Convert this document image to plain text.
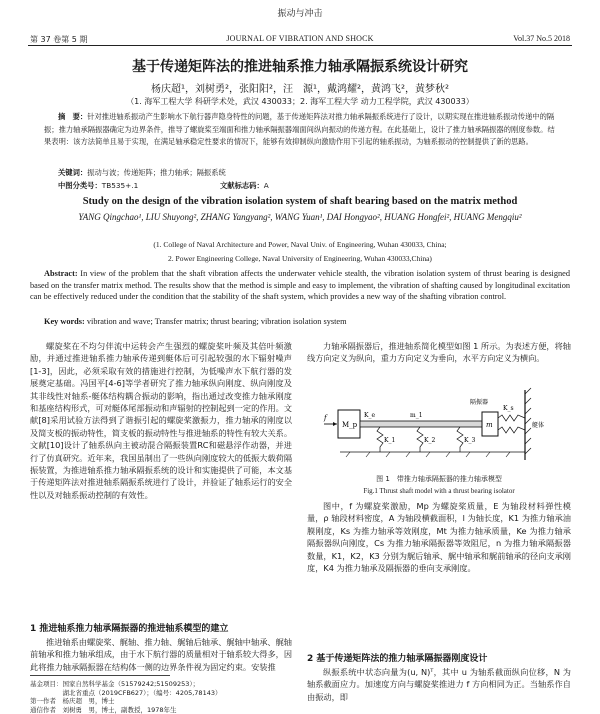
振动与冲击
第 37 卷第 5 期	JOURNAL OF VIBRATION AND SHOCK	Vol.37 No.5 2018
基于传递矩阵法的推进轴系推力轴承隔振系统设计研究
杨庆超¹，刘树勇²，张阳阳²，汪　源¹，戴鸿耀²，黄鸿飞²，黄梦秋²
（1. 海军工程大学 科研学术处，武汉 430033；2. 海军工程大学 动力工程学院，武汉 430033）
摘　要：针对推进轴系振动产生影响水下航行器声隐身特性的问题，基于传递矩阵法对推力轴承隔振系统进行了设计，以期实现在推进轴系振动传递中的隔振；推力轴承隔振器确定为边界条件，推导了螺旋桨至端面和推力轴承隔振器端面间纵向振动的传递方程。在此基础上，设计了推力轴承隔振器的刚度参数。结果表明：该方法简单且易于实现，在满足轴承稳定性要求的情况下，能够有效抑制纵向激励作用下引起的轴系振动，为轴系振动的控制提供了新的思路。
关键词：振动与波；传递矩阵；推力轴承；隔振系统
中图分类号：TB535+.1	文献标志码：A
Study on the design of the vibration isolation system of shaft bearing based on the matrix method
YANG Qingchao¹, LIU Shuyong², ZHANG Yangyang², WANG Yuan¹, DAI Hongyao², HUANG Hongfei², HUANG Mengqiu²
(1. College of Naval Architecture and Power, Naval Univ. of Engineering, Wuhan 430033, China;
2. Power Engineering College, Naval University of Engineering, Wuhan 430033,China)
Abstract: In view of the problem that the shaft vibration affects the underwater vehicle stealth, the vibration isolation system of thrust bearing is designed based on the transfer matrix method. The results show that the method is simple and easy to implement, the vibration of shafting caused by longitudinal excitation can be effectively reduced under the condition that the stability of the shaft system, which provides a new way of the shafting vibration control.
Key words: vibration and wave; Transfer matrix; thrust bearing; vibration isolation system
螺旋桨在不均匀伴流中运转会产生强烈的螺旋桨叶频及其倍叶频激励，并通过推进轴系推力轴承传递到艇体后可引起较强的水下辐射噪声[1-3]，因此，必须采取有效的措施进行控制，为低噪声水下航行器的发展奠定基础。冯国平[4-6]等学者研究了推力轴承纵向刚度、纵向刚度及其非线性对轴系-艇体结构耦合振动的影响，指出通过改变推力轴承刚度和基座结构形式，可对艇体尾部振动和声辐射的控制起到一定的作用。文献[8]采用试验方法得到了谐振引起的螺旋桨激振力，推力轴承的刚度以及简支板的振动特性，简支板的振动特性与推进轴系的特性有较大关系。文献[10]设计了轴系纵向主被动混合隔振装置RC和磁悬浮作动器，并进行了仿真研究。近年来，我国虽制出了一些纵向刚度较大的低振大载荷隔振装置，为推进轴系推力轴承隔振系统的设计和实施提供了可能，本文基于传递矩阵法对推进轴系隔振系统进行了设计，并验证了轴系运行的安全性以及对轴系振动控制的有效性。
1 推进轴系推力轴承隔振器的推进轴系模型的建立
推进轴系由螺旋桨、艉轴、推力轴、艉轴后轴承、艉轴中轴承、艉轴前轴承和推力轴承组成，由于水下航行器的质量相对于轴系较大得多，因此将推力轴承隔振器在结构体一侧的边界条件视为固定约束。安装推
基金项目：国家自然科学基金（51579242;51509253）；
　　　　　湖北省重点（2019CFB627）；（编号：4205,78143）
第一作者　杨庆超　男，博士
通信作者　刘树勇　男，博士，副教授，1978年生
力轴承隔振器后，推进轴系简化模型如图 1 所示。为表述方便，将轴线方向定义为纵向，重力方向定义为垂向，水平方向定义为横向。
M_p
f	m_1
K_1	K_2	K_3
m
K_s
隔振器
艇体
K_e
图 1　带推力轴承隔振器的推力轴承模型
Fig.1 Thrust shaft model with a thrust bearing isolator
图中，f 为螺旋桨激励，Mp 为螺旋桨质量，E 为轴段材料弹性模量，ρ 轴段材料密度，A 为轴段横截面积，l 为轴长度，K1 为推力轴承油膜刚度，Ks 为推力轴承等效刚度，Mt 为推力轴承质量，Ke 为推力轴承隔振器纵向刚度，Cs 为推力轴承隔振器等效阻尼，n 为推力轴承隔振器数量，K1，K2，K3 分别为艉后轴承、艉中轴承和艉前轴承的径向支承刚度，K4 为推力轴承及隔振器的垂向支承刚度。
2 基于传递矩阵法的推力轴承隔振器刚度设计
纵振系统中状态向量为(u, N)ᵀ，其中 u 为轴系截面纵向位移，N 为轴系截面应力。加速度方向与螺旋桨推进力 f 方向相同为正。当轴系作自由振动，即
